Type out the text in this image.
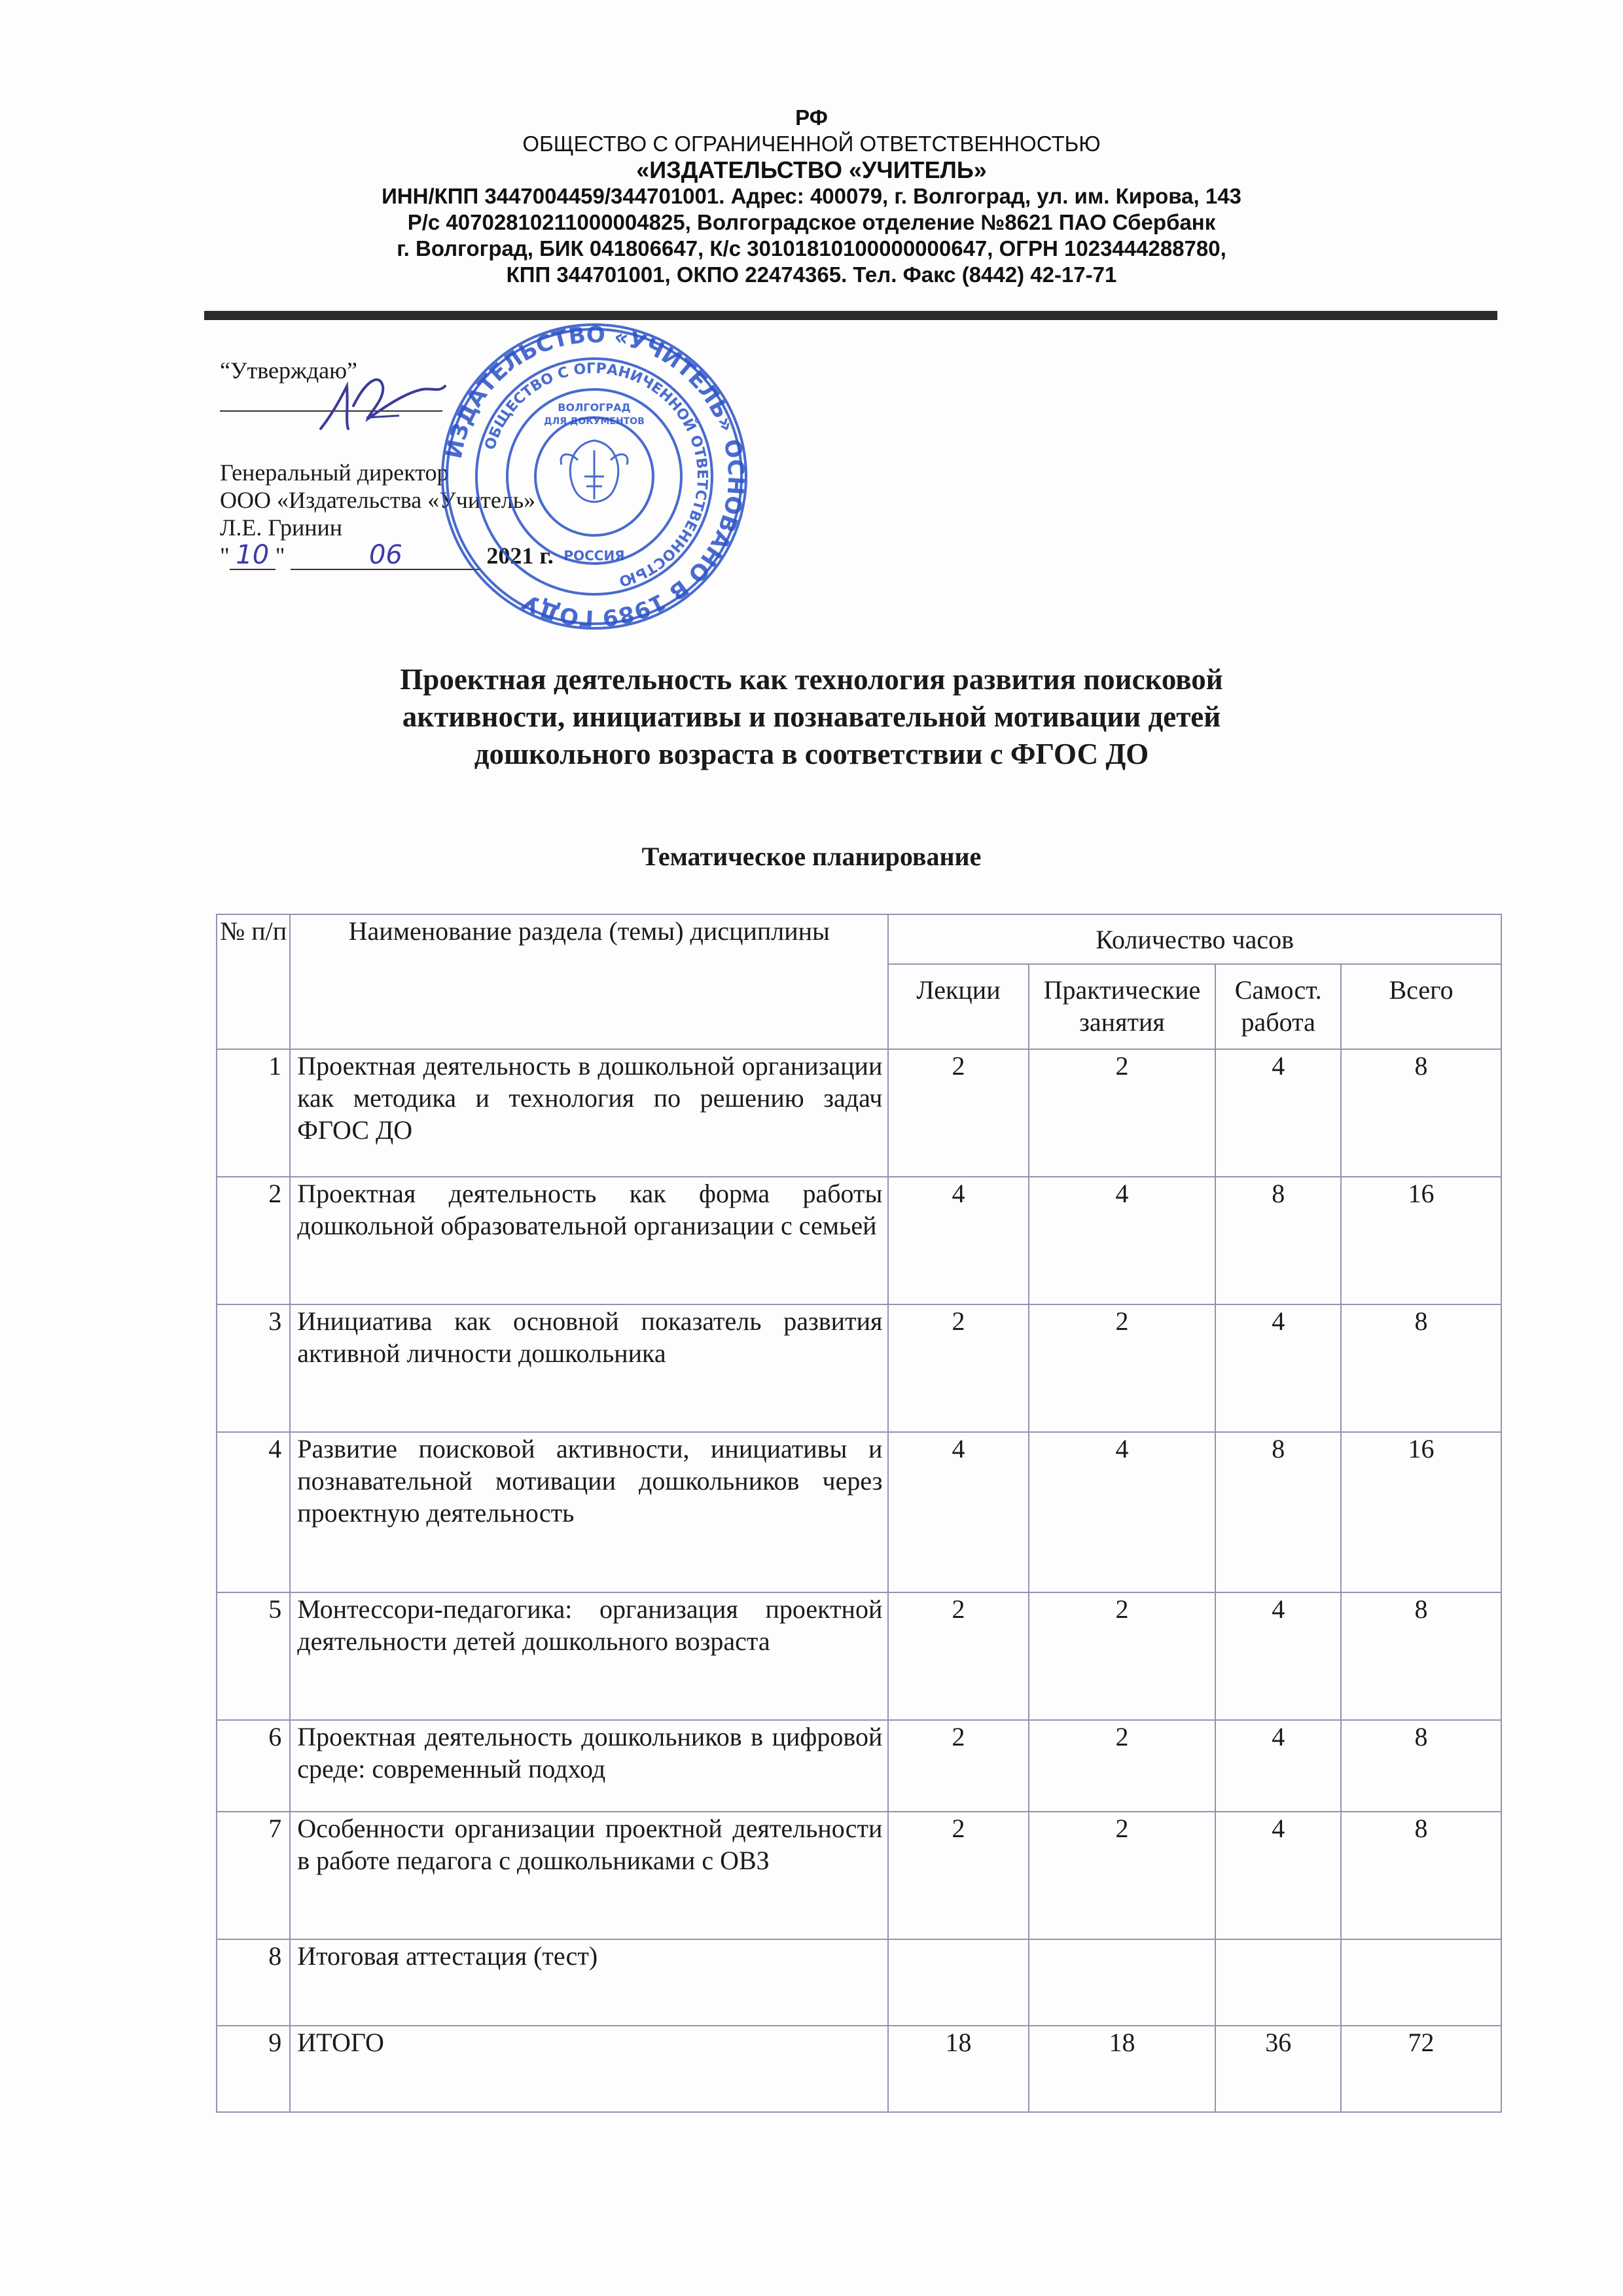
РФ
ОБЩЕСТВО С ОГРАНИЧЕННОЙ ОТВЕТСТВЕННОСТЬЮ
«ИЗДАТЕЛЬСТВО «УЧИТЕЛЬ»
ИНН/КПП 3447004459/344701001. Адрес: 400079, г. Волгоград, ул. им. Кирова, 143
Р/с 40702810211000004825, Волгоградское отделение №8621 ПАО Сбербанк
г. Волгоград, БИК 041806647, К/с 30101810100000000647, ОГРН 1023444288780,
КПП 344701001, ОКПО 22474365. Тел. Факс (8442) 42-17-71
“Утверждаю”
Генеральный директор
ООО «Издательства «Учитель»
Л.Е. Гринин
" 10 "	06	2021 г.
ИЗДАТЕЛЬСТВО «УЧИТЕЛЬ» ОСНОВАНО В 1989 ГОДУ
ОБЩЕСТВО С ОГРАНИЧЕННОЙ ОТВЕТСТВЕННОСТЬЮ
ВОЛГОГРАД
ДЛЯ ДОКУМЕНТОВ
РОССИЯ
Проектная деятельность как технология развития поисковой
активности, инициативы и познавательной мотивации детей
дошкольного возраста в соответствии с ФГОС ДО
Тематическое планирование
№ п/п	Наименование раздела (темы) дисциплины	Количество часов			
		Лекции	Практические занятия	Самост. работа	Всего
1	Проектная деятельность в дошкольной организации как методика и технология по решению задач ФГОС ДО	2	2	4	8
2	Проектная деятельность как форма работы дошкольной образовательной организации с семьей	4	4	8	16
3	Инициатива как основной показатель развития активной личности дошкольника	2	2	4	8
4	Развитие поисковой активности, инициативы и познавательной мотивации дошкольников через проектную деятельность	4	4	8	16
5	Монтессори-педагогика: организация проектной деятельности детей дошкольного возраста	2	2	4	8
6	Проектная деятельность дошкольников в цифровой среде: современный подход	2	2	4	8
7	Особенности организации проектной деятельности в работе педагога с дошкольниками с ОВЗ	2	2	4	8
8	Итоговая аттестация (тест)				
9	ИТОГО	18	18	36	72
